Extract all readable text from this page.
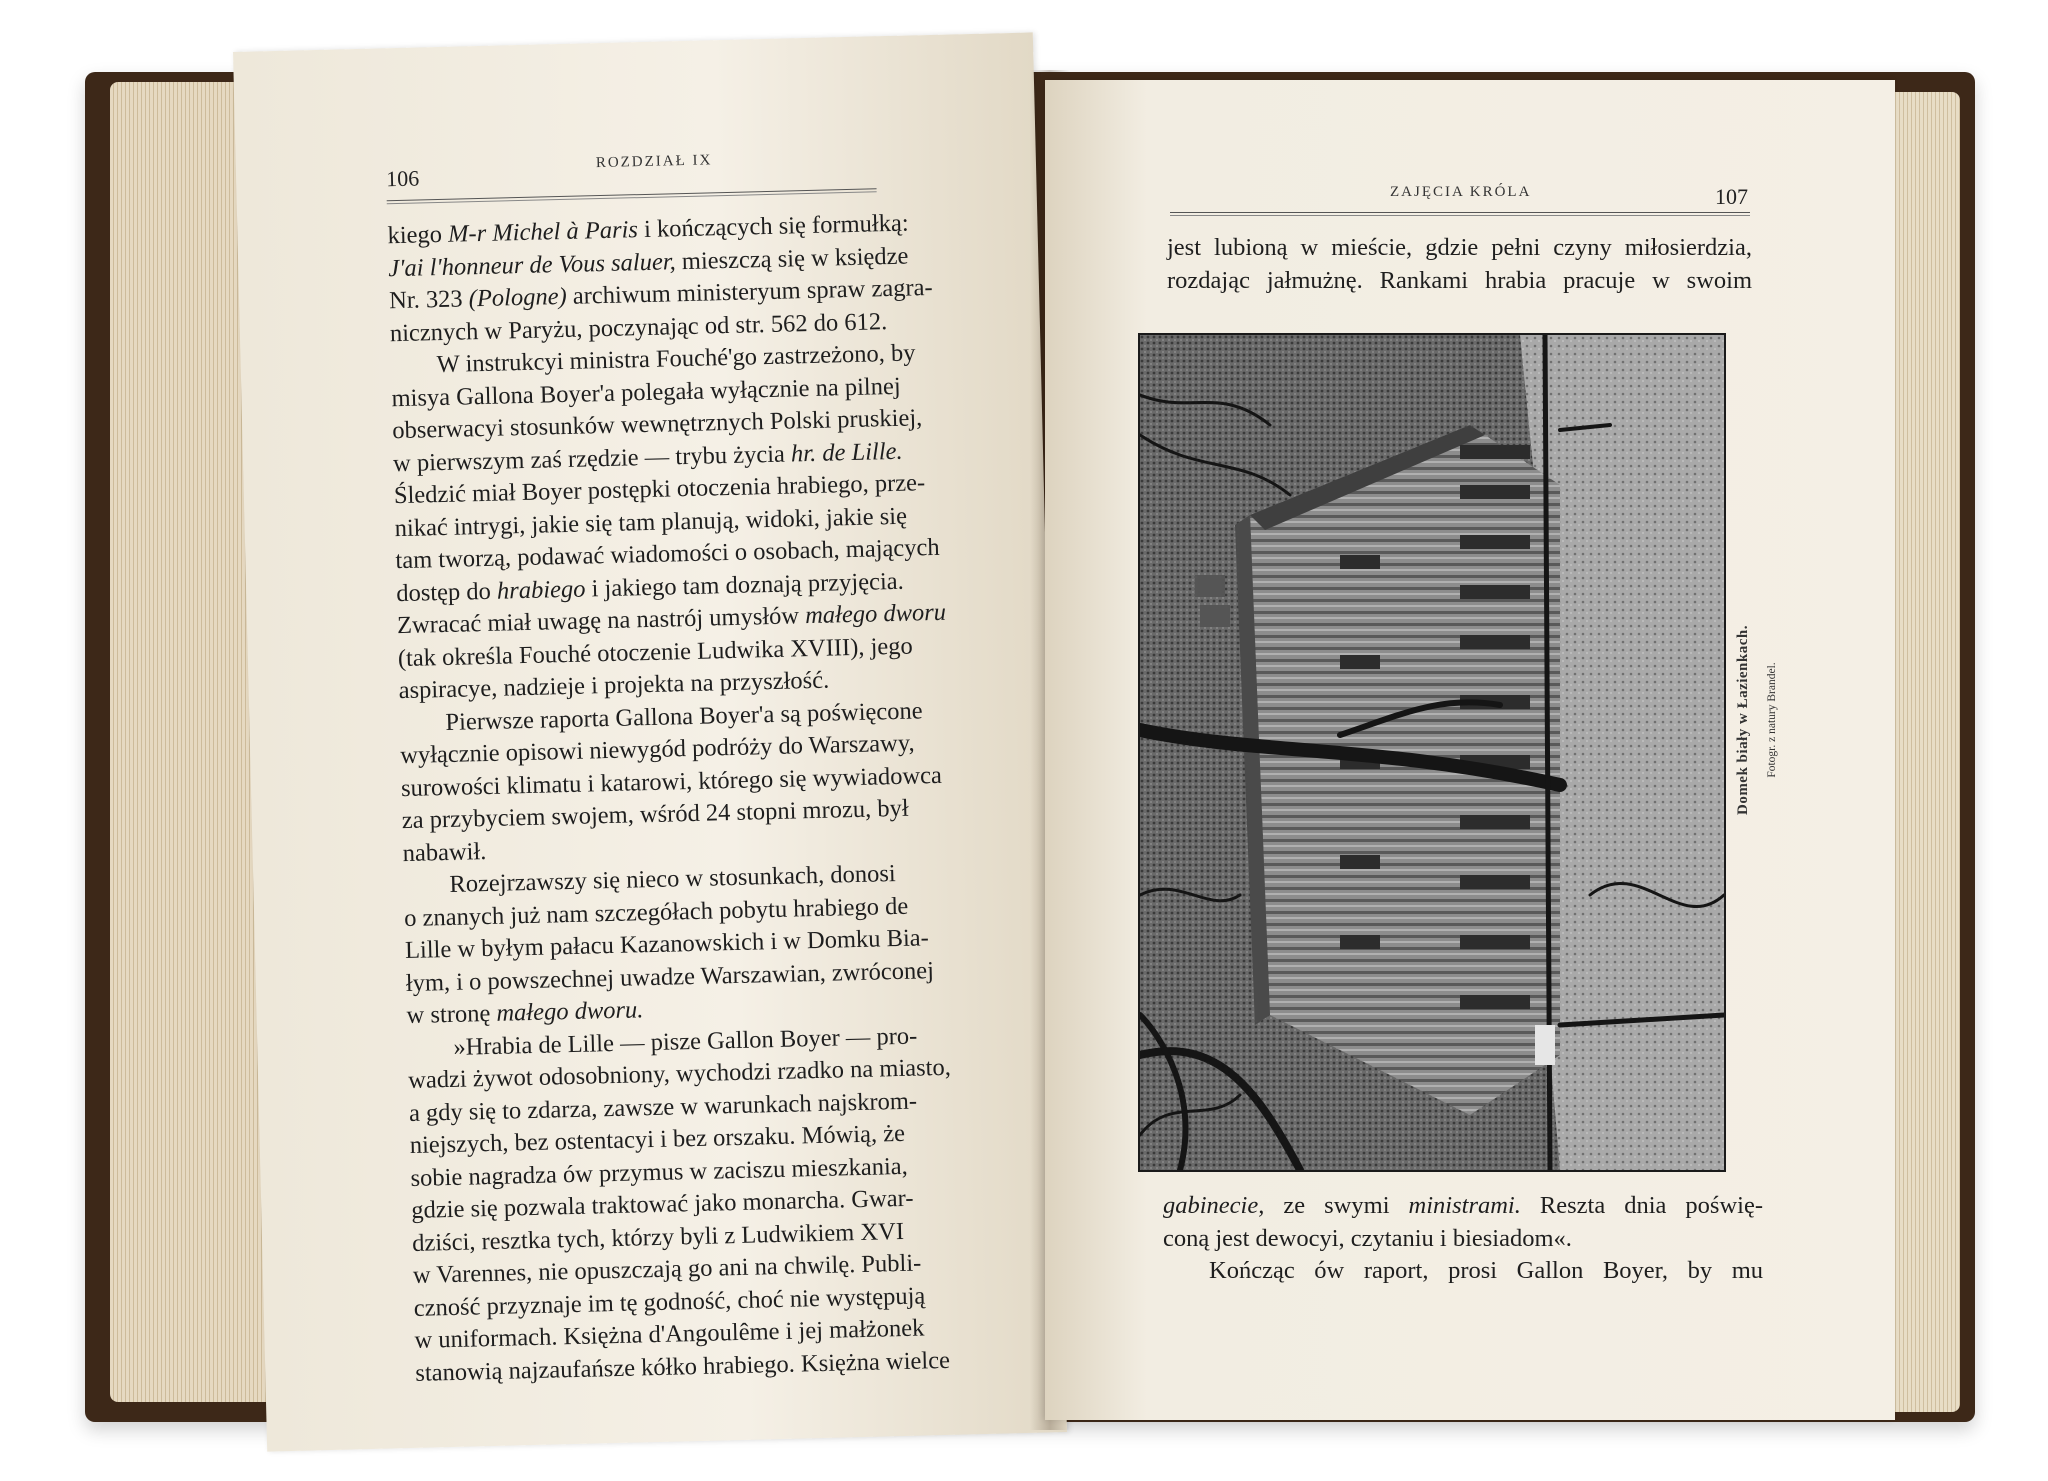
106
ROZDZIAŁ IX
kiego M-r Michel à Paris i kończących się formułką:
J'ai l'honneur de Vous saluer, mieszczą się w księdze
Nr. 323 (Pologne) archiwum ministeryum spraw zagra-
nicznych w Paryżu, poczynając od str. 562 do 612.
W instrukcyi ministra Fouché'go zastrzeżono, by
misya Gallona Boyer'a polegała wyłącznie na pilnej
obserwacyi stosunków wewnętrznych Polski pruskiej,
w pierwszym zaś rzędzie — trybu życia hr. de Lille.
Śledzić miał Boyer postępki otoczenia hrabiego, prze-
nikać intrygi, jakie się tam planują, widoki, jakie się
tam tworzą, podawać wiadomości o osobach, mających
dostęp do hrabiego i jakiego tam doznają przyjęcia.
Zwracać miał uwagę na nastrój umysłów małego dworu
(tak określa Fouché otoczenie Ludwika XVIII), jego
aspiracye, nadzieje i projekta na przyszłość.
Pierwsze raporta Gallona Boyer'a są poświęcone
wyłącznie opisowi niewygód podróży do Warszawy,
surowości klimatu i katarowi, którego się wywiadowca
za przybyciem swojem, wśród 24 stopni mrozu, był
nabawił.
Rozejrzawszy się nieco w stosunkach, donosi
o znanych już nam szczegółach pobytu hrabiego de
Lille w byłym pałacu Kazanowskich i w Domku Bia-
łym, i o powszechnej uwadze Warszawian, zwróconej
w stronę małego dworu.
»Hrabia de Lille — pisze Gallon Boyer — pro-
wadzi żywot odosobniony, wychodzi rzadko na miasto,
a gdy się to zdarza, zawsze w warunkach najskrom-
niejszych, bez ostentacyi i bez orszaku. Mówią, że
sobie nagradza ów przymus w zaciszu mieszkania,
gdzie się pozwala traktować jako monarcha. Gwar-
dziści, resztka tych, którzy byli z Ludwikiem XVI
w Varennes, nie opuszczają go ani na chwilę. Publi-
czność przyznaje im tę godność, choć nie występują
w uniformach. Księżna d'Angoulême i jej małżonek
stanowią najzaufańsze kółko hrabiego. Księżna wielce
ZAJĘCIA KRÓLA	107
jest lubioną w mieście, gdzie pełni czyny miłosierdzia,
rozdając jałmużnę. Rankami hrabia pracuje w swoim
gabinecie, ze swymi ministrami. Reszta dnia poświę-
coną jest dewocyi, czytaniu i biesiadom«.
Kończąc ów raport, prosi Gallon Boyer, by mu
Domek biały w Łazienkach. Fotogr. z natury Brandel.
